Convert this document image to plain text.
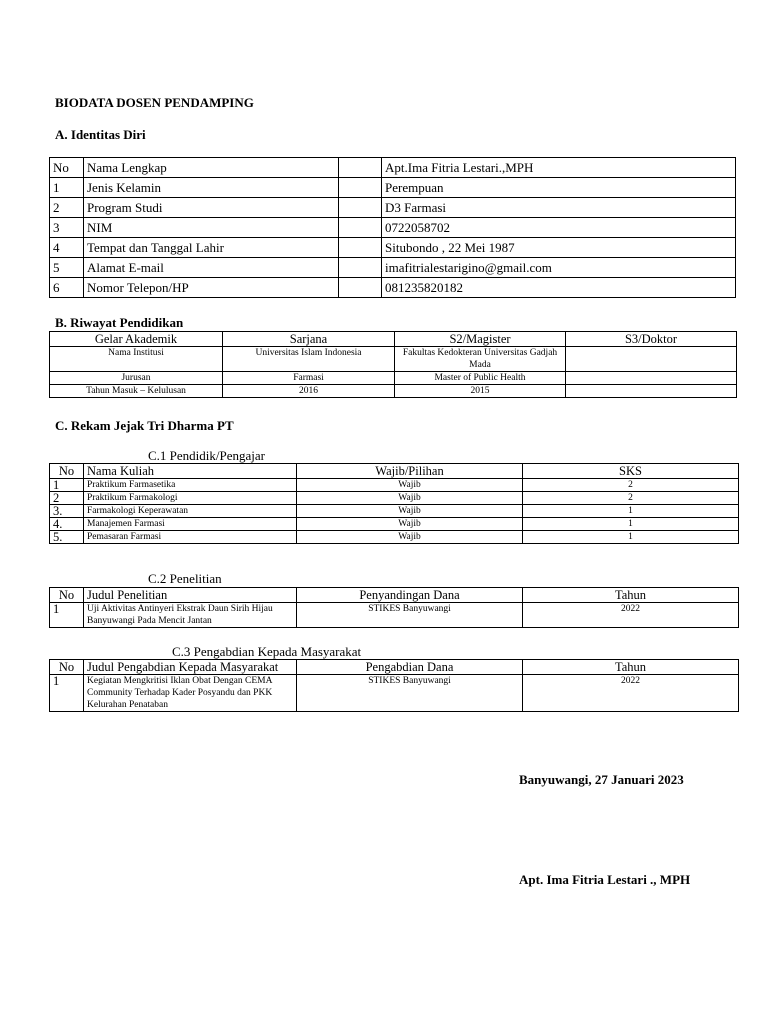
BIODATA DOSEN PENDAMPING
A. Identitas Diri
No	Nama Lengkap		Apt.Ima Fitria Lestari.,MPH
1	Jenis Kelamin		Perempuan
2	Program Studi		D3 Farmasi
3	NIM		0722058702
4	Tempat dan Tanggal Lahir		Situbondo , 22 Mei 1987
5	Alamat E-mail		imafitrialestarigino@gmail.com
6	Nomor Telepon/HP		081235820182
B. Riwayat Pendidikan
Gelar Akademik	Sarjana	S2/Magister	S3/Doktor
Nama Institusi	Universitas Islam Indonesia	Fakultas Kedokteran Universitas Gadjah Mada	
Jurusan	Farmasi	Master of Public Health	
Tahun Masuk – Kelulusan	2016	2015	
C. Rekam Jejak Tri Dharma PT
C.1 Pendidik/Pengajar
No	Nama Kuliah	Wajib/Pilihan	SKS
1	Praktikum Farmasetika	Wajib	2
2	Praktikum Farmakologi	Wajib	2
3.	Farmakologi Keperawatan	Wajib	1
4.	Manajemen Farmasi	Wajib	1
5.	Pemasaran Farmasi	Wajib	1
C.2 Penelitian
No	Judul Penelitian	Penyandingan Dana	Tahun
1	Uji Aktivitas Antinyeri Ekstrak Daun Sirih Hijau Banyuwangi Pada Mencit Jantan	STIKES Banyuwangi	2022
C.3 Pengabdian Kepada Masyarakat
No	Judul Pengabdian Kepada Masyarakat	Pengabdian Dana	Tahun
1	Kegiatan Mengkritisi Iklan Obat Dengan CEMA Community Terhadap Kader Posyandu dan PKK Kelurahan Penataban	STIKES Banyuwangi	2022
Banyuwangi, 27 Januari 2023
Apt. Ima Fitria Lestari ., MPH
